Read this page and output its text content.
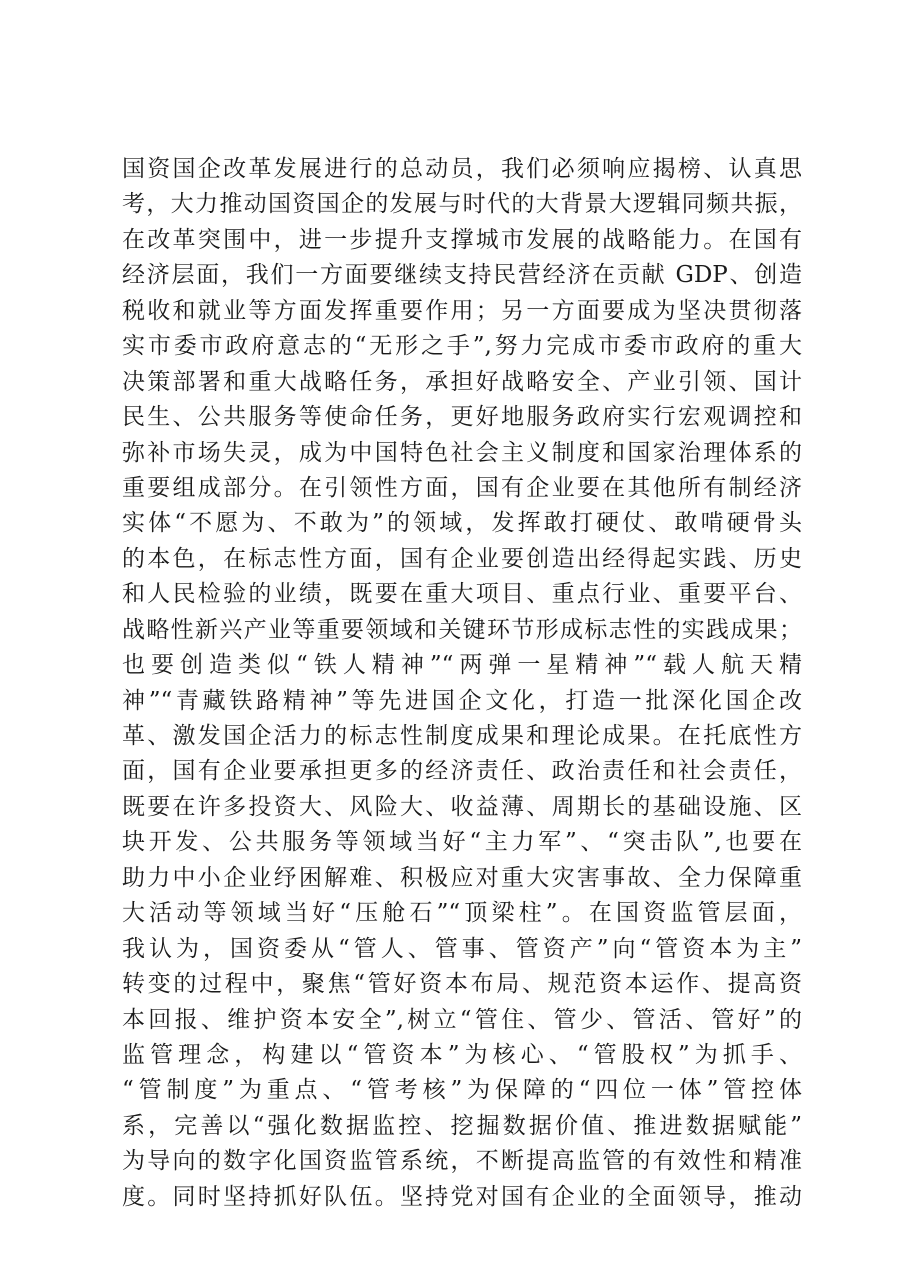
国资国企改革发展进行的总动员，我们必须响应揭榜、认真思
考，大力推动国资国企的发展与时代的大背景大逻辑同频共振，
在改革突围中，进一步提升支撑城市发展的战略能力。在国有
经济层面，我们一方面要继续支持民营经济在贡献 GDP、创造
税收和就业等方面发挥重要作用；另一方面要成为坚决贯彻落
实市委市政府意志的“无形之手”,努力完成市委市政府的重大
决策部署和重大战略任务，承担好战略安全、产业引领、国计
民生、公共服务等使命任务，更好地服务政府实行宏观调控和
弥补市场失灵，成为中国特色社会主义制度和国家治理体系的
重要组成部分。在引领性方面，国有企业要在其他所有制经济
实体“不愿为、不敢为”的领域，发挥敢打硬仗、敢啃硬骨头
的本色，在标志性方面，国有企业要创造出经得起实践、历史
和人民检验的业绩，既要在重大项目、重点行业、重要平台、
战略性新兴产业等重要领域和关键环节形成标志性的实践成果；
也要创造类似“铁人精神”“两弹一星精神”“载人航天精
神”“青藏铁路精神”等先进国企文化，打造一批深化国企改
革、激发国企活力的标志性制度成果和理论成果。在托底性方
面，国有企业要承担更多的经济责任、政治责任和社会责任，
既要在许多投资大、风险大、收益薄、周期长的基础设施、区
块开发、公共服务等领域当好“主力军”、“突击队”,也要在
助力中小企业纾困解难、积极应对重大灾害事故、全力保障重
大活动等领域当好“压舱石”“顶梁柱”。在国资监管层面，
我认为，国资委从“管人、管事、管资产”向“管资本为主”
转变的过程中，聚焦“管好资本布局、规范资本运作、提高资
本回报、维护资本安全”,树立“管住、管少、管活、管好”的
监管理念，构建以“管资本”为核心、“管股权”为抓手、
“管制度”为重点、“管考核”为保障的“四位一体”管控体
系，完善以“强化数据监控、挖掘数据价值、推进数据赋能”
为导向的数字化国资监管系统，不断提高监管的有效性和精准
度。同时坚持抓好队伍。坚持党对国有企业的全面领导，推动
